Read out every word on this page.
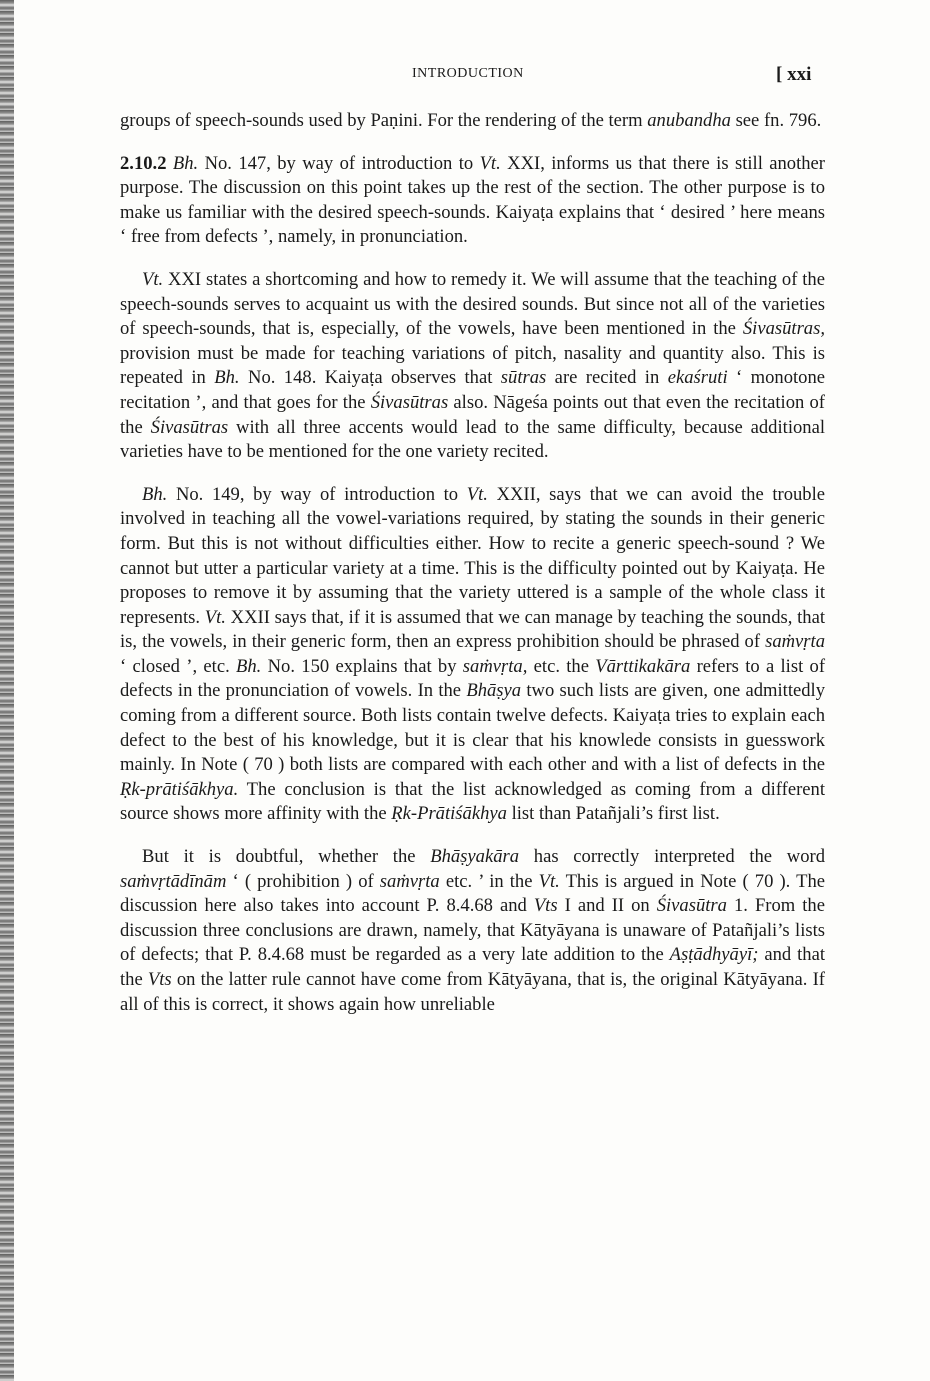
INTRODUCTION	[ xxi

groups of speech-sounds used by Paṇini. For the rendering of the term anubandha see fn. 796.

2.10.2 Bh. No. 147, by way of introduction to Vt. XXI, informs us that there is still another purpose. The discussion on this point takes up the rest of the section. The other purpose is to make us familiar with the desired speech-sounds. Kaiyaṭa explains that ‘ desired ’ here means ‘ free from defects ’, namely, in pronunciation.

Vt. XXI states a shortcoming and how to remedy it. We will assume that the teaching of the speech-sounds serves to acquaint us with the desired sounds. But since not all of the varieties of speech-sounds, that is, especially, of the vowels, have been mentioned in the Śivasūtras, provision must be made for teaching variations of pitch, nasality and quantity also. This is repeated in Bh. No. 148. Kaiyaṭa observes that sūtras are recited in ekaśruti ‘ monotone recitation ’, and that goes for the Śivasūtras also. Nāgeśa points out that even the recitation of the Śivasūtras with all three accents would lead to the same difficulty, because additional varieties have to be mentioned for the one variety recited.

Bh. No. 149, by way of introduction to Vt. XXII, says that we can avoid the trouble involved in teaching all the vowel-variations required, by stating the sounds in their generic form. But this is not without difficulties either. How to recite a generic speech-sound ? We cannot but utter a particular variety at a time. This is the difficulty pointed out by Kaiyaṭa. He proposes to remove it by assuming that the variety uttered is a sample of the whole class it represents. Vt. XXII says that, if it is assumed that we can manage by teaching the sounds, that is, the vowels, in their generic form, then an express prohibition should be phrased of saṁvṛta ‘ closed ’, etc. Bh. No. 150 explains that by saṁvṛta, etc. the Vārttikakāra refers to a list of defects in the pronunciation of vowels. In the Bhāṣya two such lists are given, one admittedly coming from a different source. Both lists contain twelve defects. Kaiyaṭa tries to explain each defect to the best of his knowledge, but it is clear that his knowlede consists in guesswork mainly. In Note ( 70 ) both lists are compared with each other and with a list of defects in the Ṛk-prātiśākhya. The conclusion is that the list acknowledged as coming from a different source shows more affinity with the Ṛk-Prātiśākhya list than Patañjali’s first list.

But it is doubtful, whether the Bhāṣyakāra has correctly interpreted the word saṁvṛtādīnām ‘ ( prohibition ) of saṁvṛta etc. ’ in the Vt. This is argued in Note ( 70 ). The discussion here also takes into account P. 8.4.68 and Vts I and II on Śivasūtra 1. From the discussion three conclusions are drawn, namely, that Kātyāyana is unaware of Patañjali’s lists of defects; that P. 8.4.68 must be regarded as a very late addition to the Aṣṭādhyāyī; and that the Vts on the latter rule cannot have come from Kātyāyana, that is, the original Kātyāyana. If all of this is correct, it shows again how unreliable
